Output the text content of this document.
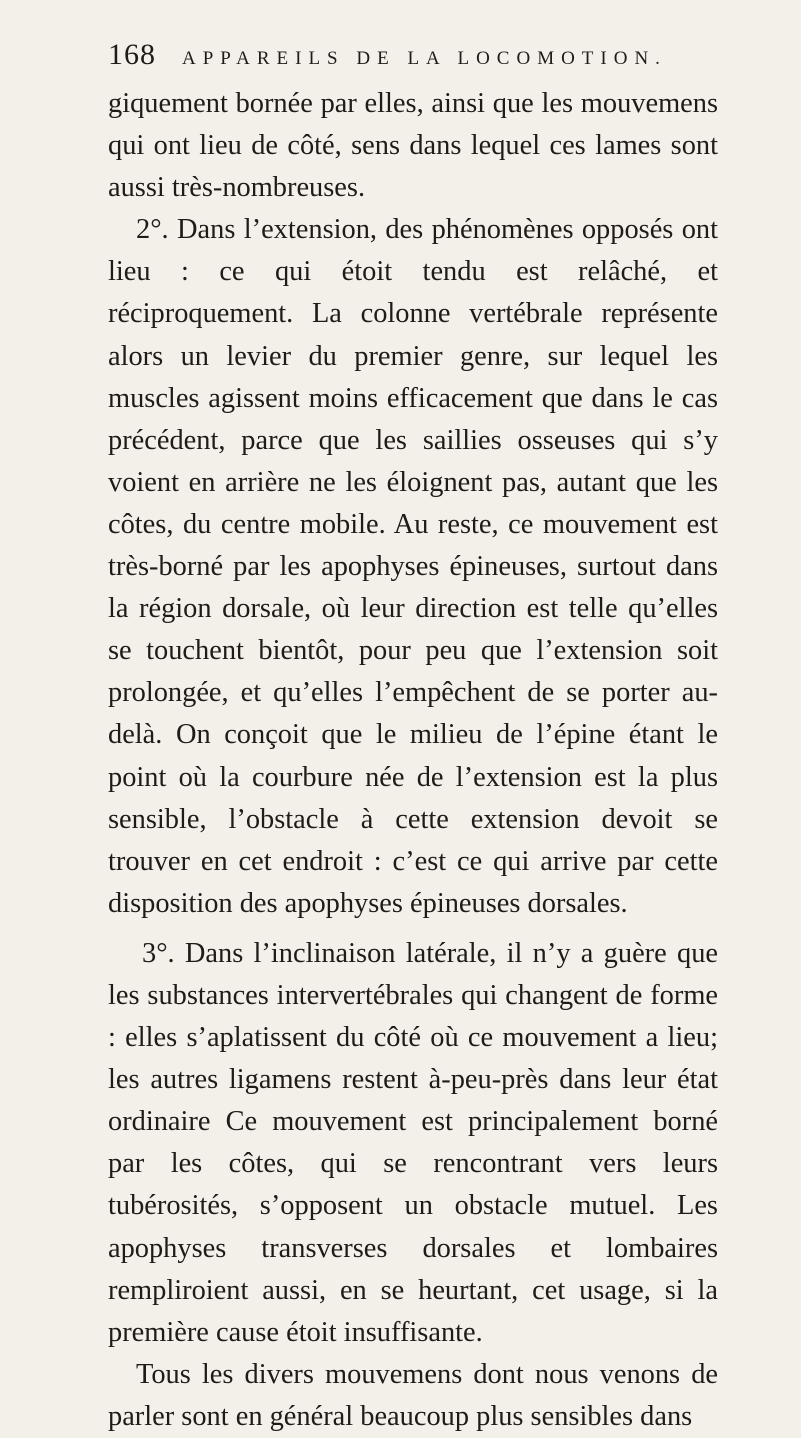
168 APPAREILS DE LA LOCOMOTION.

giquement bornée par elles, ainsi que les mouvemens qui ont lieu de côté, sens dans lequel ces lames sont aussi très-nombreuses.

2°. Dans l’extension, des phénomènes opposés ont lieu : ce qui étoit tendu est relâché, et réciproquement. La colonne vertébrale représente alors un levier du premier genre, sur lequel les muscles agissent moins efficacement que dans le cas précédent, parce que les saillies osseuses qui s’y voient en arrière ne les éloignent pas, autant que les côtes, du centre mobile. Au reste, ce mouvement est très-borné par les apophyses épineuses, surtout dans la région dorsale, où leur direction est telle qu’elles se touchent bientôt, pour peu que l’extension soit prolongée, et qu’elles l’empêchent de se porter au-delà. On conçoit que le milieu de l’épine étant le point où la courbure née de l’extension est la plus sensible, l’obstacle à cette extension devoit se trouver en cet endroit : c’est ce qui arrive par cette disposition des apophyses épineuses dorsales.

3°. Dans l’inclinaison latérale, il n’y a guère que les substances intervertébrales qui changent de forme : elles s’aplatissent du côté où ce mouvement a lieu; les autres ligamens restent à-peu-près dans leur état ordinaire Ce mouvement est principalement borné par les côtes, qui se rencontrant vers leurs tubérosités, s’opposent un obstacle mutuel. Les apophyses transverses dorsales et lombaires rempliroient aussi, en se heurtant, cet usage, si la première cause étoit insuffisante.

Tous les divers mouvemens dont nous venons de parler sont en général beaucoup plus sensibles dans
